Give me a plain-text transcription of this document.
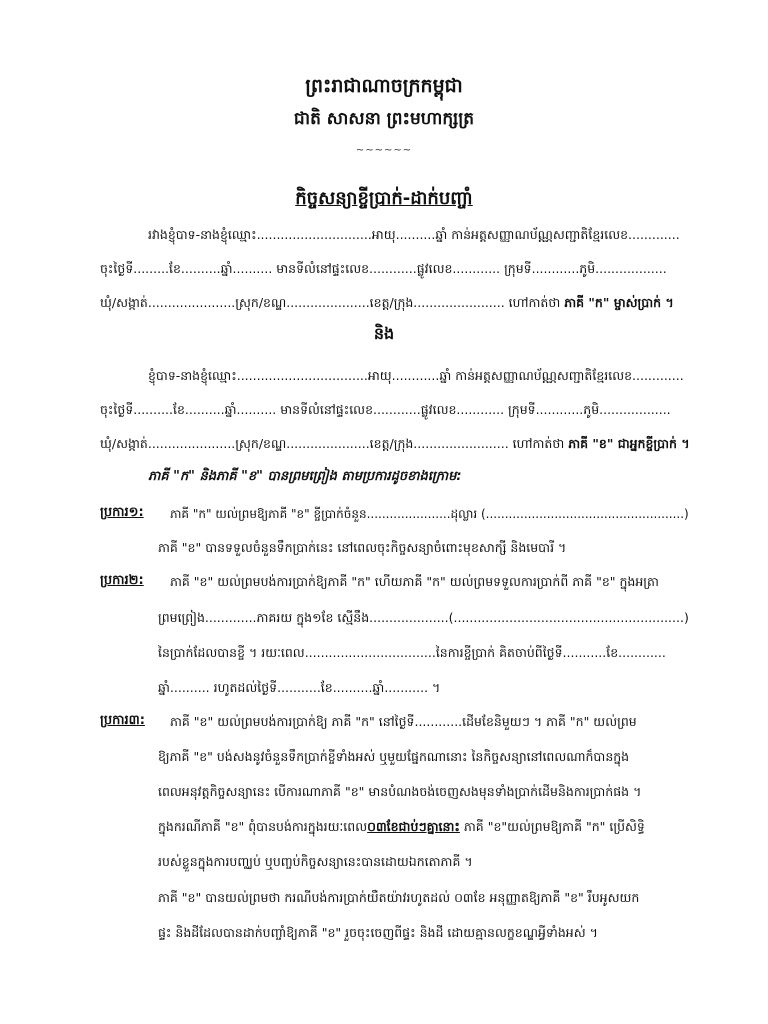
ព្រះរាជាណាចក្រកម្ពុជា
ជាតិ សាសនា ព្រះមហាក្សត្រ
~~~~~~
កិច្ចសន្យាខ្ចីប្រាក់-ដាក់បញ្ចាំ
រវាងខ្ញុំបាទ-នាងខ្ញុំឈ្មោះ.............................អាយុ..........ឆ្នាំ កាន់អត្តសញ្ញាណប័ណ្ណសញ្ជាតិខ្មែរលេខ.............
ចុះថ្ងៃទី.........ខែ..........ឆ្នាំ.......... មានទីលំនៅផ្ទះលេខ............ផ្លូវលេខ............ ក្រុមទី............ភូមិ..................
ឃុំ/សង្កាត់......................ស្រុក/ខណ្ឌ.....................ខេត្ត/ក្រុង....................... ហៅកាត់ថា ភាគី "ក" ម្ចាស់ប្រាក់ ។
និង
ខ្ញុំបាទ-នាងខ្ញុំឈ្មោះ.................................អាយុ............ឆ្នាំ កាន់អត្តសញ្ញាណប័ណ្ណសញ្ជាតិខ្មែរលេខ.............
ចុះថ្ងៃទី..........ខែ..........ឆ្នាំ.......... មានទីលំនៅផ្ទះលេខ............ផ្លូវលេខ............ ក្រុមទី............ភូមិ..................
ឃុំ/សង្កាត់......................ស្រុក/ខណ្ឌ.....................ខេត្ត/ក្រុង........................ ហៅកាត់ថា ភាគី "ខ" ជាអ្នកខ្ចីប្រាក់ ។
ភាគី "ក" និងភាគី "ខ" បានព្រមព្រៀង តាមប្រការដូចខាងក្រោម:
ប្រការ១: ភាគី "ក" យល់ព្រមឱ្យភាគី "ខ" ខ្ចីប្រាក់ចំនួន......................ដុល្លារ (....................................................)
ភាគី "ខ" បានទទួលចំនួនទឹកប្រាក់នេះ នៅពេលចុះកិច្ចសន្យាចំពោះមុខសាក្សី និងមេបារី ។
ប្រការ២: ភាគី "ខ" យល់ព្រមបង់ការប្រាក់ឱ្យភាគី "ក" ហើយភាគី "ក" យល់ព្រមទទួលការប្រាក់ពី ភាគី "ខ" ក្នុងអត្រា
ព្រមព្រៀង.............ភាគរយ ក្នុង១ខែ ស្មើនឹង....................(..........................................................)
នៃប្រាក់ដែលបានខ្ចី ។ រយៈពេល.................................នៃការខ្ចីប្រាក់ គិតចាប់ពីថ្ងៃទី...........ខែ............
ឆ្នាំ.......... រហូតដល់ថ្ងៃទី...........ខែ..........ឆ្នាំ........... ។
ប្រការ៣: ភាគី "ខ" យល់ព្រមបង់ការប្រាក់ឱ្យ ភាគី "ក" នៅថ្ងៃទី............ដើមខែនិមួយៗ ។ ភាគី "ក" យល់ព្រម
ឱ្យភាគី "ខ" បង់សងនូវចំនួនទឹកប្រាក់ខ្ចីទាំងអស់ ឬមួយផ្នែកណានោះ នៃកិច្ចសន្យានៅពេលណាក៏បានក្នុង
ពេលអនុវត្តកិច្ចសន្យានេះ បើការណាភាគី "ខ" មានបំណងចង់ចេញសងមុនទាំងប្រាក់ដើមនិងការប្រាក់ផង ។
ក្នុងករណីភាគី "ខ" ពុំបានបង់ការក្នុងរយៈពេល០៣ខែជាប់ៗគ្នានោះ ភាគី "ខ"យល់ព្រមឱ្យភាគី "ក" ប្រើសិទ្ធិ
របស់ខ្លួនក្នុងការបញ្ឈប់ ឬបញ្ចប់កិច្ចសន្យានេះបានដោយឯកតោភាគី ។
ភាគី "ខ" បានយល់ព្រមថា ករណីបង់ការប្រាក់យឺតយ៉ាវរហូតដល់ ០៣ខែ អនុញ្ញាតឱ្យភាគី "ខ" រឹបអូសយក
ផ្ទះ និងដីដែលបានដាក់បញ្ចាំឱ្យភាគី "ខ" រួចចុះចេញពីផ្ទះ និងដី ដោយគ្មានលក្ខខណ្ឌអ្វីទាំងអស់ ។
